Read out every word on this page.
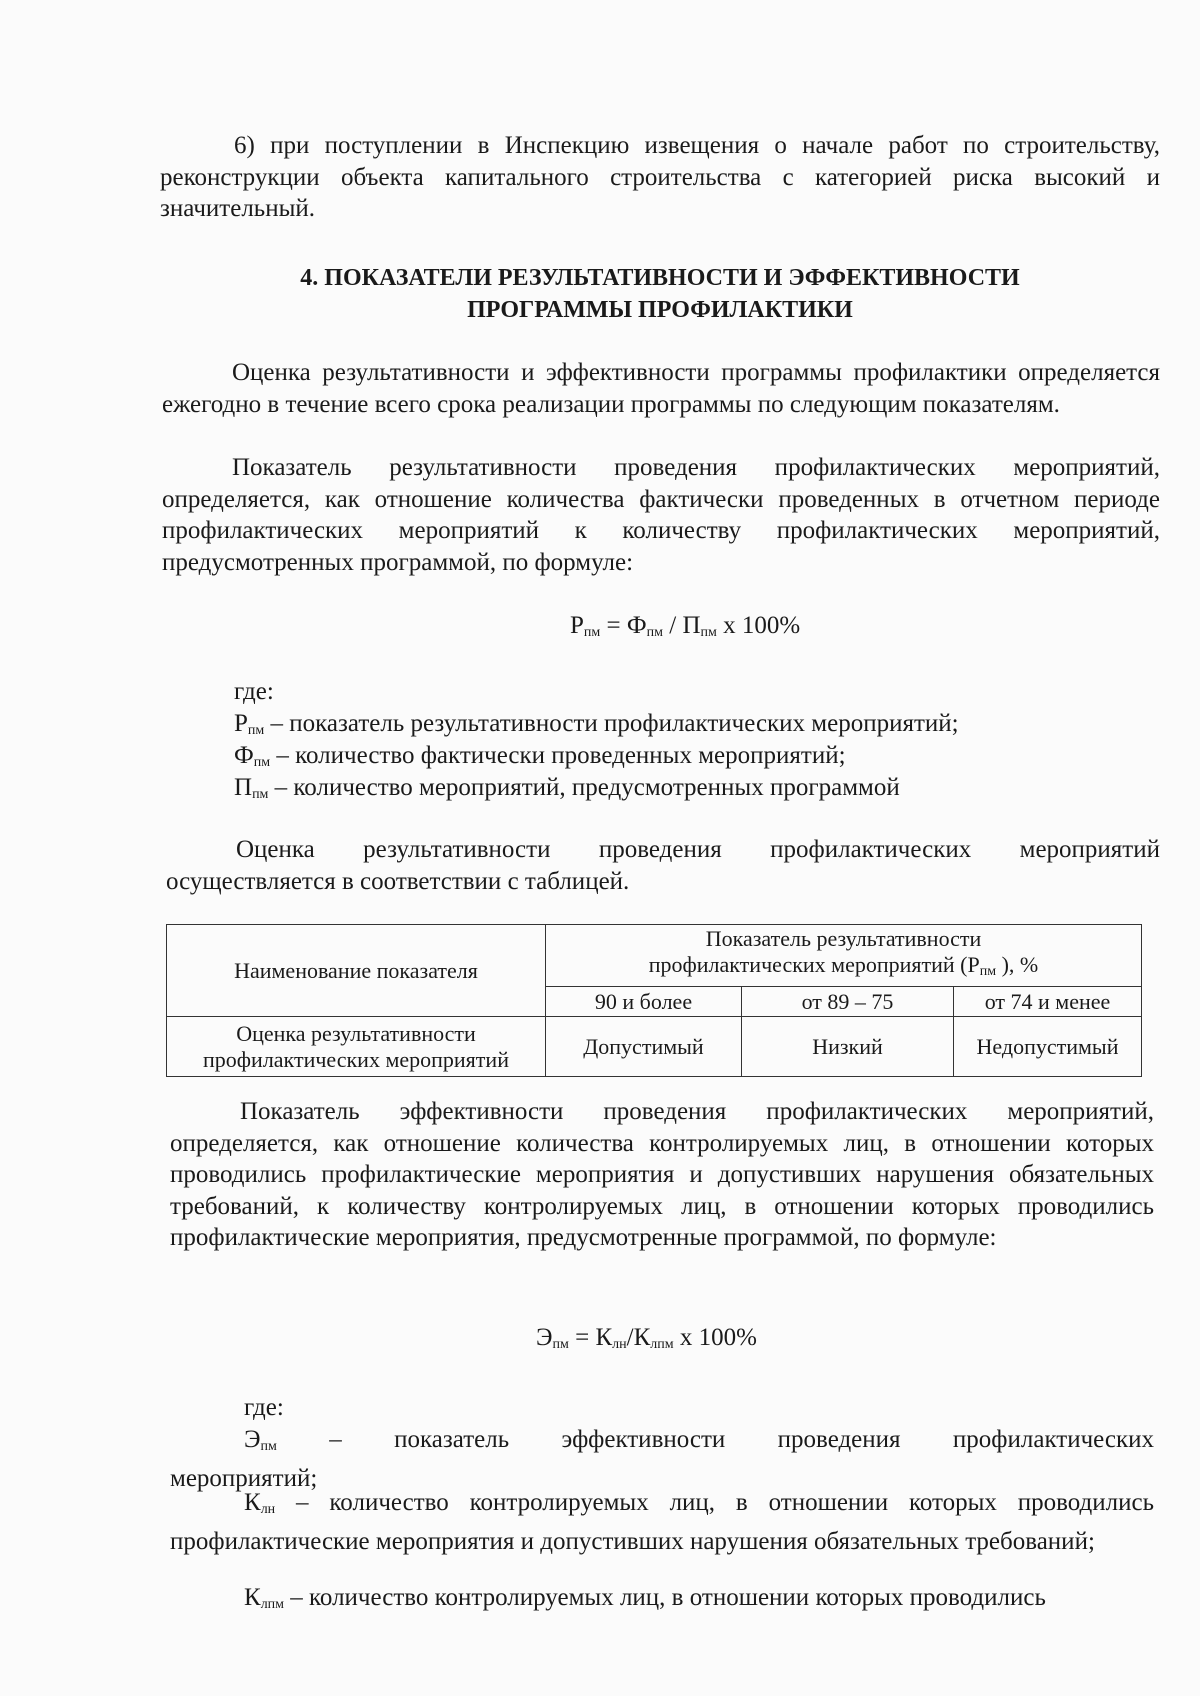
6) при поступлении в Инспекцию извещения о начале работ по строительству, реконструкции объекта капитального строительства с категорией риска высокий и значительный.

4. ПОКАЗАТЕЛИ РЕЗУЛЬТАТИВНОСТИ И ЭФФЕКТИВНОСТИ

ПРОГРАММЫ ПРОФИЛАКТИКИ

Оценка результативности и эффективности программы профилактики определяется ежегодно в течение всего срока реализации программы по следующим показателям.

Показатель результативности проведения профилактических мероприятий, определяется, как отношение количества фактически проведенных в отчетном периоде профилактических мероприятий к количеству профилактических мероприятий, предусмотренных программой, по формуле:

$Р_{пм} = Ф_{пм} / П_{пм}$ х 100%
где:
$Р_{пм}$ – показатель результативности профилактических мероприятий;
$Ф_{пм}$ – количество фактически проведенных мероприятий;
$П_{пм}$ – количество мероприятий, предусмотренных программой

Оценка результативности проведения профилактических мероприятий осуществляется в соответствии с таблицей.

Наименование показателя	Показатель результативности
профилактических мероприятий ($Р_{пм}$ ), %		

	90 и более	от 89 – 75	от 74 и менее
Оценка результативности профилактических мероприятий	Допустимый	Низкий	Недопустимый

Показатель эффективности проведения профилактических мероприятий, определяется, как отношение количества контролируемых лиц, в отношении которых проводились профилактические мероприятия и допустивших нарушения обязательных требований, к количеству контролируемых лиц, в отношении которых проводились профилактические мероприятия, предусмотренные программой, по формуле:

$Э_{пм} = К_{лн}/К_{лпм}$ х 100%
где:

$Э_{пм}$ – показатель эффективности проведения профилактических мероприятий;

$К_{лн}$ – количество контролируемых лиц, в отношении которых проводились профилактические мероприятия и допустивших нарушения обязательных требований;

$К_{лпм}$ – количество контролируемых лиц, в отношении которых проводились
